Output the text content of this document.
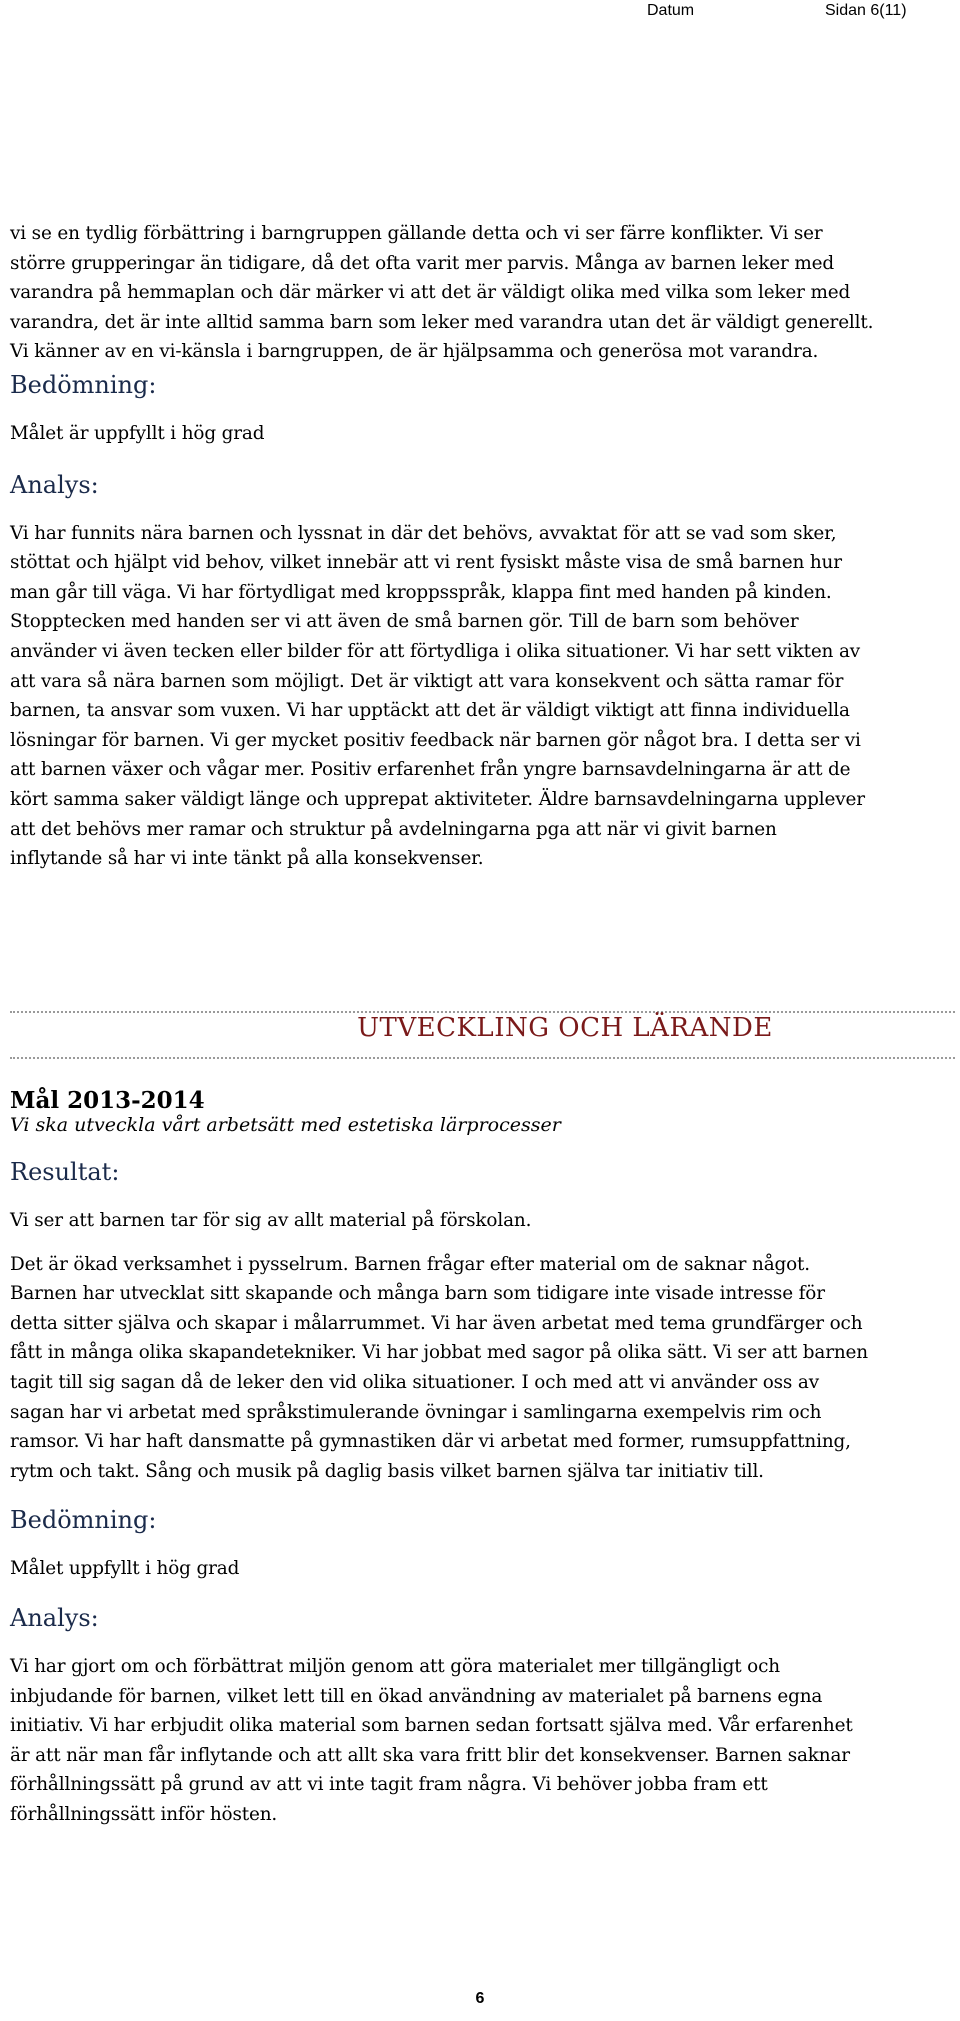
Datum	Sidan 6(11)

vi se en tydlig förbättring i barngruppen gällande detta och vi ser färre konflikter. Vi ser

större grupperingar än tidigare, då det ofta varit mer parvis. Många av barnen leker med

varandra på hemmaplan och där märker vi att det är väldigt olika med vilka som leker med

varandra, det är inte alltid samma barn som leker med varandra utan det är väldigt generellt.

Vi känner av en vi-känsla i barngruppen, de är hjälpsamma och generösa mot varandra.

Bedömning:

Målet är uppfyllt i hög grad

Analys:

Vi har funnits nära barnen och lyssnat in där det behövs, avvaktat för att se vad som sker,

stöttat och hjälpt vid behov, vilket innebär att vi rent fysiskt måste visa de små barnen hur

man går till väga. Vi har förtydligat med kroppsspråk, klappa fint med handen på kinden.

Stopptecken med handen ser vi att även de små barnen gör. Till de barn som behöver

använder vi även tecken eller bilder för att förtydliga i olika situationer. Vi har sett vikten av

att vara så nära barnen som möjligt. Det är viktigt att vara konsekvent och sätta ramar för

barnen, ta ansvar som vuxen. Vi har upptäckt att det är väldigt viktigt att finna individuella

lösningar för barnen. Vi ger mycket positiv feedback när barnen gör något bra. I detta ser vi

att barnen växer och vågar mer. Positiv erfarenhet från yngre barnsavdelningarna är att de

kört samma saker väldigt länge och upprepat aktiviteter. Äldre barnsavdelningarna upplever

att det behövs mer ramar och struktur på avdelningarna pga att när vi givit barnen

inflytande så har vi inte tänkt på alla konsekvenser.

UTVECKLING OCH LÄRANDE
Mål 2013-2014

Vi ska utveckla vårt arbetsätt med estetiska lärprocesser

Resultat:

Vi ser att barnen tar för sig av allt material på förskolan.

Det är ökad verksamhet i pysselrum. Barnen frågar efter material om de saknar något.

Barnen har utvecklat sitt skapande och många barn som tidigare inte visade intresse för

detta sitter själva och skapar i målarrummet. Vi har även arbetat med tema grundfärger och

fått in många olika skapandetekniker. Vi har jobbat med sagor på olika sätt. Vi ser att barnen

tagit till sig sagan då de leker den vid olika situationer. I och med att vi använder oss av

sagan har vi arbetat med språkstimulerande övningar i samlingarna exempelvis rim och

ramsor. Vi har haft dansmatte på gymnastiken där vi arbetat med former, rumsuppfattning,

rytm och takt. Sång och musik på daglig basis vilket barnen själva tar initiativ till.

Bedömning:

Målet uppfyllt i hög grad

Analys:

Vi har gjort om och förbättrat miljön genom att göra materialet mer tillgängligt och

inbjudande för barnen, vilket lett till en ökad användning av materialet på barnens egna

initiativ. Vi har erbjudit olika material som barnen sedan fortsatt själva med. Vår erfarenhet

är att när man får inflytande och att allt ska vara fritt blir det konsekvenser. Barnen saknar

förhållningssätt på grund av att vi inte tagit fram några. Vi behöver jobba fram ett

förhållningssätt inför hösten.

6
